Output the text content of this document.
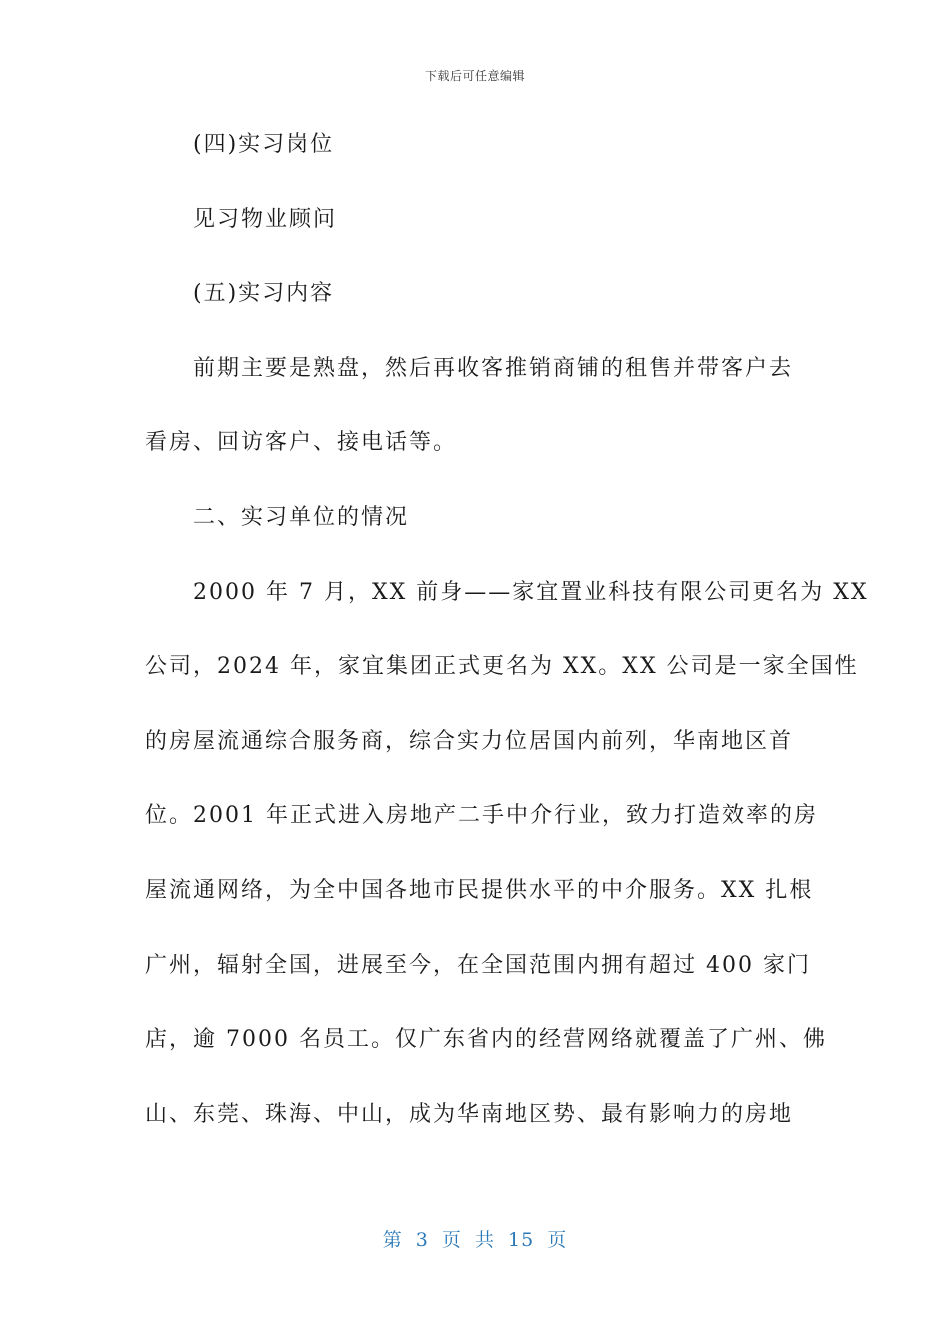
下载后可任意编辑
(四)实习岗位
见习物业顾问
(五)实习内容
前期主要是熟盘，然后再收客推销商铺的租售并带客户去
看房、回访客户、接电话等。
二、实习单位的情况
2000 年 7 月，XX 前身——家宜置业科技有限公司更名为 XX
公司，2024 年，家宜集团正式更名为 XX。XX 公司是一家全国性
的房屋流通综合服务商，综合实力位居国内前列，华南地区首
位。2001 年正式进入房地产二手中介行业，致力打造效率的房
屋流通网络，为全中国各地市民提供水平的中介服务。XX 扎根
广州，辐射全国，进展至今，在全国范围内拥有超过 400 家门
店，逾 7000 名员工。仅广东省内的经营网络就覆盖了广州、佛
山、东莞、珠海、中山，成为华南地区势、最有影响力的房地
第 3 页 共 15 页
